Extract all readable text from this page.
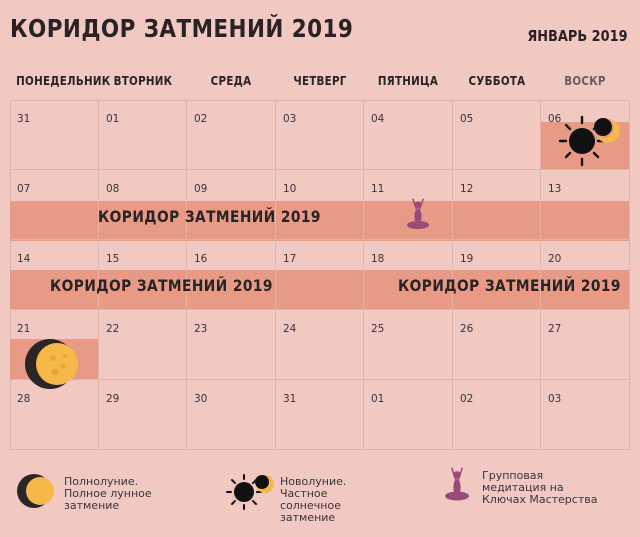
КОРИДОР ЗАТМЕНИЙ 2019	ЯНВАРЬ 2019
ПОНЕДЕЛЬНИК ВТОРНИК	СРЕДА	ЧЕТВЕРГ	ПЯТНИЦА	СУББОТА	ВОСКР
31	01	02	03	04	05	06
07	08	09	10	11	12	13
14	15	16	17	18	19	20
21	22	23	24	25	26	27
28	29	30	31	01	02	03
КОРИДОР ЗАТМЕНИЙ 2019
КОРИДОР ЗАТМЕНИЙ 2019	КОРИДОР ЗАТМЕНИЙ 2019
Полнолуние.
Полное лунное
затмение
Новолуние.
Частное
солнечное
затмение
Групповая
медитация на
Ключах Мастерства
